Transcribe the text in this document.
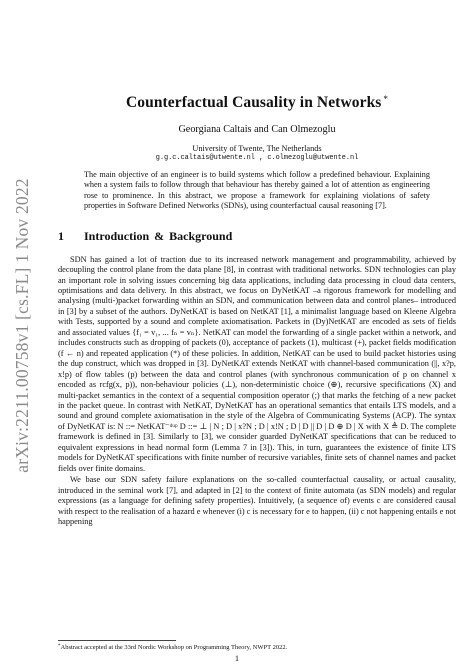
arXiv:2211.00758v1 [cs.FL] 1 Nov 2022
Counterfactual Causality in Networks *
Georgiana Caltais and Can Olmezoglu
University of Twente, The Netherlands
g.g.c.caltais@utwente.nl , c.olmezoglu@utwente.nl

The main objective of an engineer is to build systems which follow a predefined behaviour. Explaining when a system fails to follow through that behaviour has thereby gained a lot of attention as engineering rose to prominence. In this abstract, we propose a framework for explaining violations of safety properties in Software Defined Networks (SDNs), using counterfactual causal reasoning [7].

1 Introduction & Background

SDN has gained a lot of traction due to its increased network management and programmability, achieved by decoupling the control plane from the data plane [8], in contrast with traditional networks. SDN technologies can play an important role in solving issues concerning big data applications, including data processing in cloud data centers, optimisations and data delivery. In this abstract, we focus on DyNetKAT –a rigorous framework for modelling and analysing (multi-)packet forwarding within an SDN, and communication between data and control planes– introduced in [3] by a subset of the authors. DyNetKAT is based on NetKAT [1], a minimalist language based on Kleene Algebra with Tests, supported by a sound and complete axiomatisation. Packets in (Dy)NetKAT are encoded as sets of fields and associated values {f₁ = v₁, ... fₙ = vₙ}. NetKAT can model the forwarding of a single packet within a network, and includes constructs such as dropping of packets (0), acceptance of packets (1), multicast (+), packet fields modification (f ← n) and repeated application (*) of these policies. In addition, NetKAT can be used to build packet histories using the dup construct, which was dropped in [3]. DyNetKAT extends NetKAT with channel-based communication (||, x?p, x!p) of flow tables (p) between the data and control planes (with synchronous communication of p on channel x encoded as rcfg(x, p)), non-behaviour policies (⊥), non-deterministic choice (⊕), recursive specifications (X) and multi-packet semantics in the context of a sequential composition operator (;) that marks the fetching of a new packet in the packet queue. In contrast with NetKAT, DyNetKAT has an operational semantics that entails LTS models, and a sound and ground complete axiomatisation in the style of the Algebra of Communicating Systems (ACP). The syntax of DyNetKAT is: N ::= NetKAT⁻ᵈᵘᵖ D ::= ⊥ | N ; D | x?N ; D | x!N ; D | D || D | D ⊕ D | X with X ≜ D. The complete framework is defined in [3]. Similarly to [3], we consider guarded DyNetKAT specifications that can be reduced to equivalent expressions in head normal form (Lemma 7 in [3]). This, in turn, guarantees the existence of finite LTS models for DyNetKAT specifications with finite number of recursive variables, finite sets of channel names and packet fields over finite domains.

We base our SDN safety failure explanations on the so-called counterfactual causality, or actual causality, introduced in the seminal work [7], and adapted in [2] to the context of finite automata (as SDN models) and regular expressions (as a language for defining safety properties). Intuitively, (a sequence of) events c are considered causal with respect to the realisation of a hazard e whenever (i) c is necessary for e to happen, (ii) c not happening entails e not happening

*Abstract accepted at the 33rd Nordic Workshop on Programming Theory, NWPT 2022.
1
